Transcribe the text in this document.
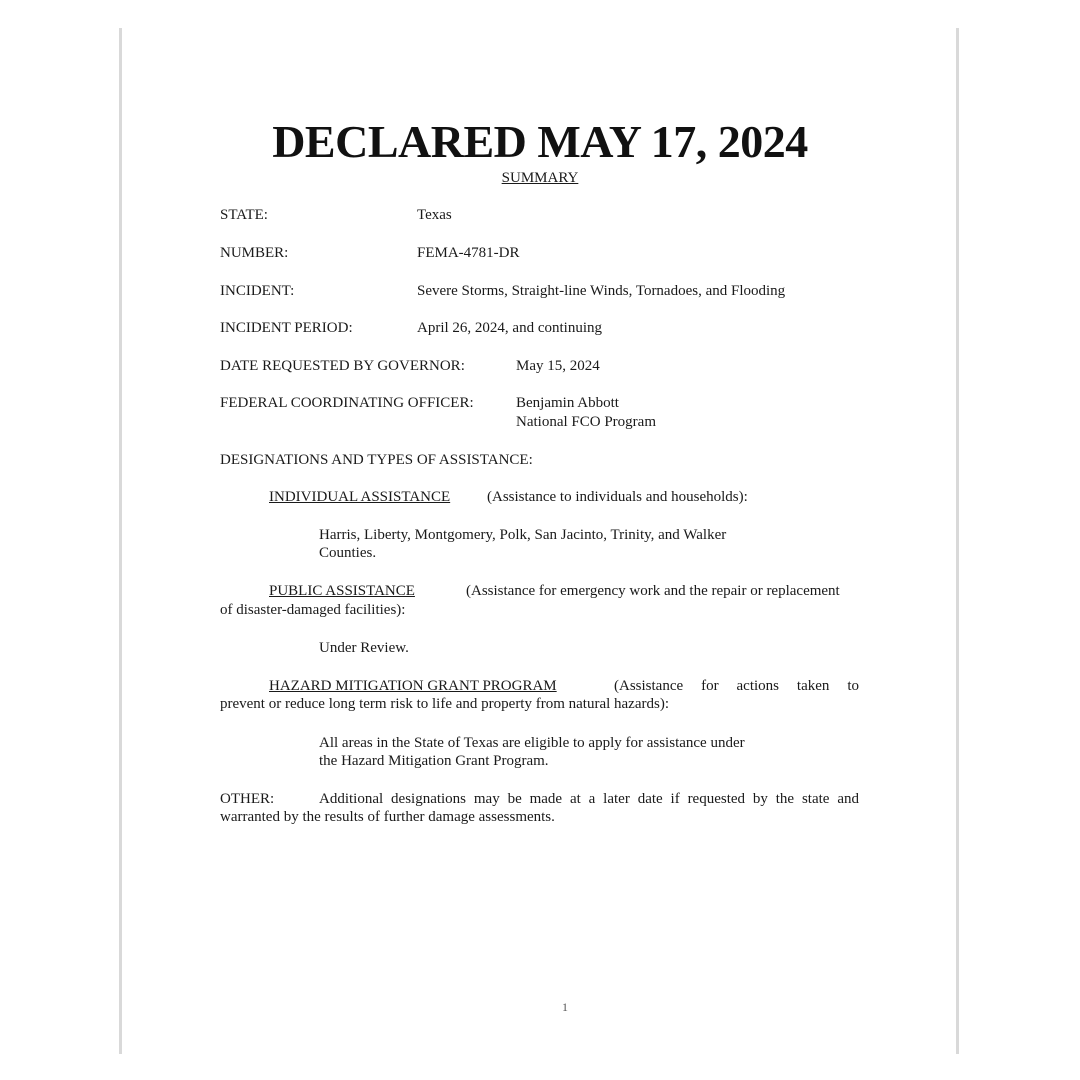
DECLARED MAY 17, 2024
SUMMARY
STATE:	Texas
NUMBER:	FEMA-4781-DR
INCIDENT:	Severe Storms, Straight-line Winds, Tornadoes, and Flooding
INCIDENT PERIOD:	April 26, 2024, and continuing
DATE REQUESTED BY GOVERNOR:	May 15, 2024
FEDERAL COORDINATING OFFICER:	Benjamin Abbott
National FCO Program
DESIGNATIONS AND TYPES OF ASSISTANCE:
INDIVIDUAL ASSISTANCE (Assistance to individuals and households):
Harris, Liberty, Montgomery, Polk, San Jacinto, Trinity, and Walker
Counties.
PUBLIC ASSISTANCE	(Assistance for emergency work and the repair or replacement
of disaster-damaged facilities):
Under Review.
HAZARD MITIGATION GRANT PROGRAM	(Assistance for actions taken to
prevent or reduce long term risk to life and property from natural hazards):
All areas in the State of Texas are eligible to apply for assistance under
the Hazard Mitigation Grant Program.
OTHER:	Additional designations may be made at a later date if requested by the state and
warranted by the results of further damage assessments.
1
